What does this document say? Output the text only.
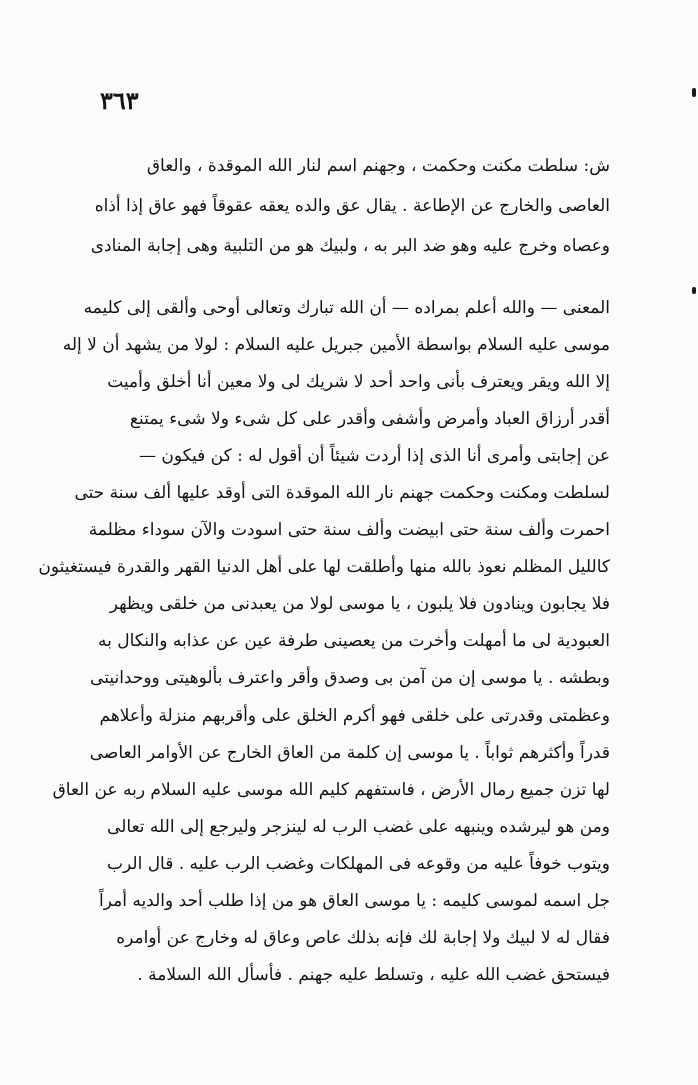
٣٦٣
ش: سلطت مكنت وحكمت ، وجهنم اسم لنار الله الموقدة ، والعاق
العاصى والخارج عن الإطاعة . يقال عق والده يعقه عقوقاً فهو عاق إذا أذاه
وعصاه وخرج عليه وهو ضد البر به ، ولبيك هو من التلبية وهى إجابة المنادى
المعنى — والله أعلم بمراده — أن الله تبارك وتعالى أوحى وألقى إلى كليمه
موسى عليه السلام بواسطة الأمين جبريل عليه السلام : لولا من يشهد أن لا إله
إلا الله ويقر ويعترف بأنى واحد أحد لا شريك لى ولا معين أنا أخلق وأميت
أقدر أرزاق العباد وأمرض وأشفى وأقدر على كل شىء ولا شىء يمتنع
عن إجابتى وأمرى أنا الذى إذا أردت شيئاً أن أقول له : كن فيكون —
لسلطت ومكنت وحكمت جهنم نار الله الموقدة التى أوقد عليها ألف سنة حتى
احمرت وألف سنة حتى ابيضت وألف سنة حتى اسودت والآن سوداء مظلمة
كالليل المظلم نعوذ بالله منها وأطلقت لها على أهل الدنيا القهر والقدرة فيستغيثون
فلا يجابون وينادون فلا يلبون ، يا موسى لولا من يعبدنى من خلقى ويظهر
العبودية لى ما أمهلت وأخرت من يعصينى طرفة عين عن عذابه والنكال به
وبطشه . يا موسى إن من آمن بى وصدق وأقر واعترف بألوهيتى ووحدانيتى
وعظمتى وقدرتى على خلقى فهو أكرم الخلق على وأقربهم منزلة وأعلاهم
قدراً وأكثرهم ثواباً . يا موسى إن كلمة من العاق الخارج عن الأوامر العاصى
لها تزن جميع رمال الأرض ، فاستفهم كليم الله موسى عليه السلام ربه عن العاق
ومن هو ليرشده وينبهه على غضب الرب له لينزجر وليرجع إلى الله تعالى
ويتوب خوفاً عليه من وقوعه فى المهلكات وغضب الرب عليه . قال الرب
جل اسمه لموسى كليمه : يا موسى العاق هو من إذا طلب أحد والديه أمراً
فقال له لا لبيك ولا إجابة لك فإنه بذلك عاص وعاق له وخارج عن أوامره
فيستحق غضب الله عليه ، وتسلط عليه جهنم . فأسأل الله السلامة .
